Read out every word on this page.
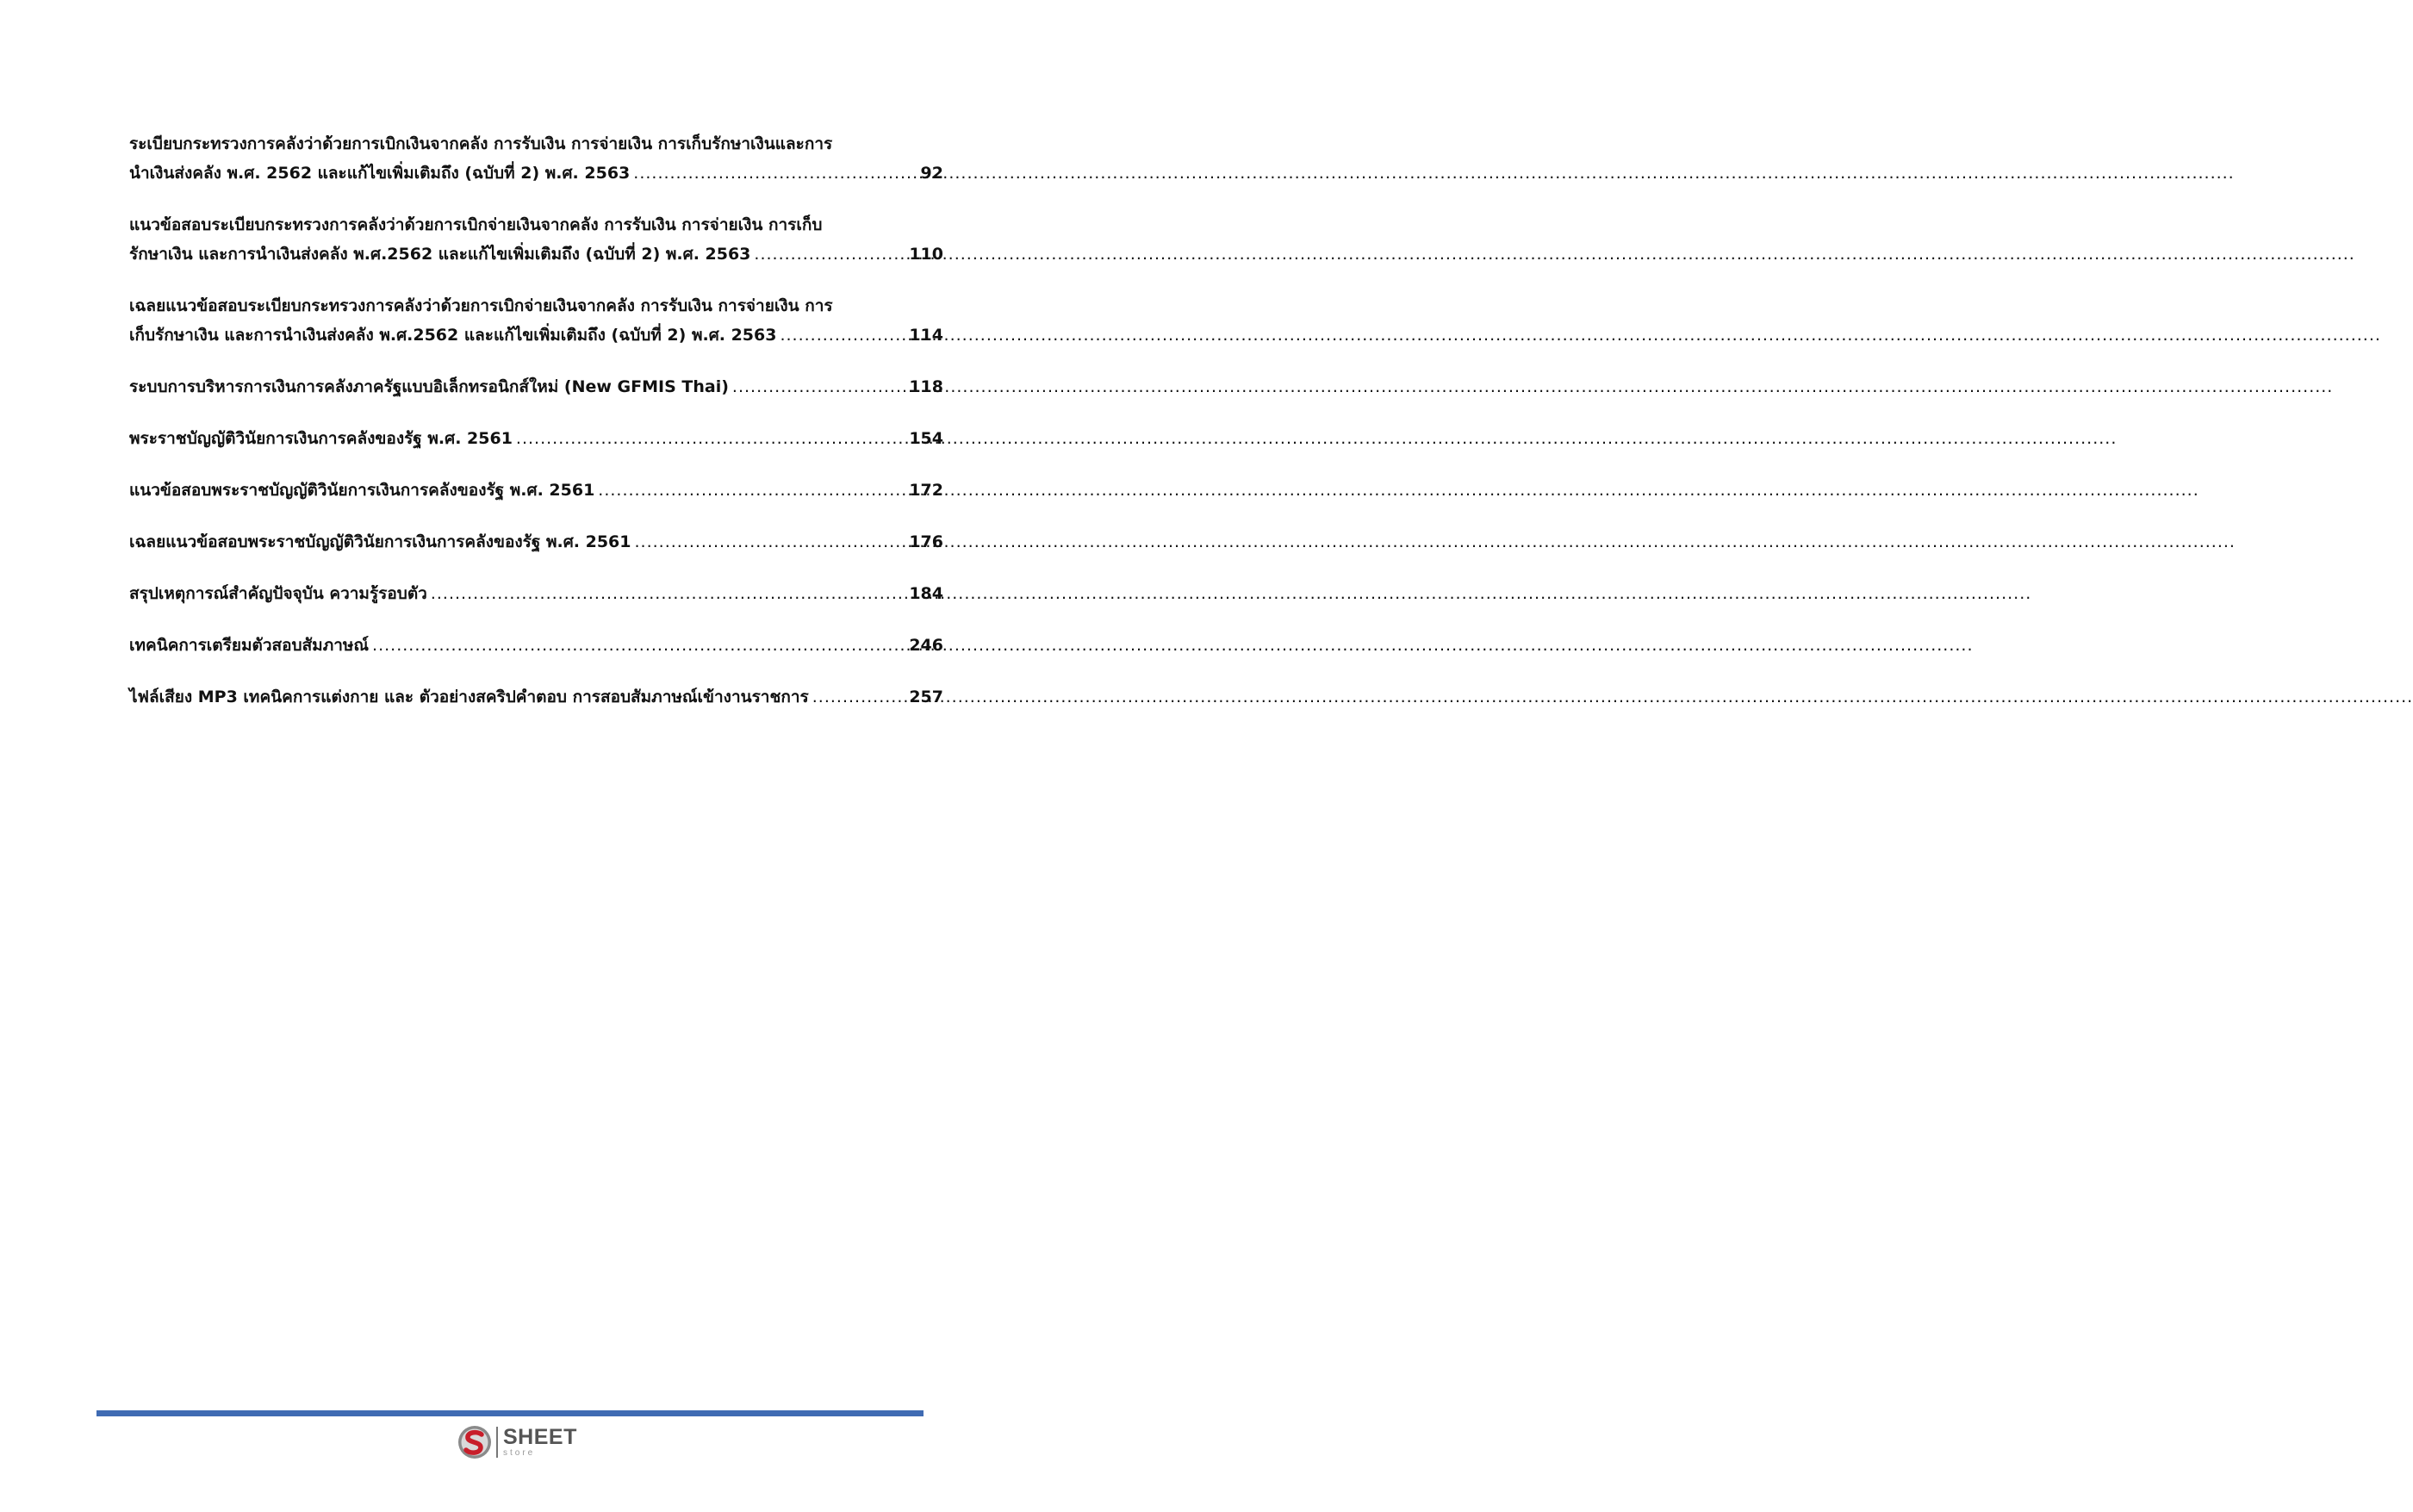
ระเบียบกระทรวงการคลังว่าด้วยการเบิกเงินจากคลัง การรับเงิน การจ่ายเงิน การเก็บรักษาเงินและการ
นำเงินส่งคลัง พ.ศ. 2562 และแก้ไขเพิ่มเติมถึง (ฉบับที่ 2) พ.ศ. 2563 .....	92
แนวข้อสอบระเบียบกระทรวงการคลังว่าด้วยการเบิกจ่ายเงินจากคลัง การรับเงิน การจ่ายเงิน การเก็บ
รักษาเงิน และการนำเงินส่งคลัง พ.ศ.2562 และแก้ไขเพิ่มเติมถึง (ฉบับที่ 2) พ.ศ. 2563 .....	110
เฉลยแนวข้อสอบระเบียบกระทรวงการคลังว่าด้วยการเบิกจ่ายเงินจากคลัง การรับเงิน การจ่ายเงิน การ
เก็บรักษาเงิน และการนำเงินส่งคลัง พ.ศ.2562 และแก้ไขเพิ่มเติมถึง (ฉบับที่ 2) พ.ศ. 2563 .....	114
ระบบการบริหารการเงินการคลังภาครัฐแบบอิเล็กทรอนิกส์ใหม่ (New GFMIS Thai) .....	118
พระราชบัญญัติวินัยการเงินการคลังของรัฐ พ.ศ. 2561 .....	154
แนวข้อสอบพระราชบัญญัติวินัยการเงินการคลังของรัฐ พ.ศ. 2561 .....	172
เฉลยแนวข้อสอบพระราชบัญญัติวินัยการเงินการคลังของรัฐ พ.ศ. 2561 .....	176
สรุปเหตุการณ์สำคัญปัจจุบัน ความรู้รอบตัว .....	184
เทคนิคการเตรียมตัวสอบสัมภาษณ์ .....	246
ไฟล์เสียง MP3 เทคนิคการแต่งกาย และ ตัวอย่างสคริปคำตอบ การสอบสัมภาษณ์เข้างานราชการ .....	257
SHEET
store
